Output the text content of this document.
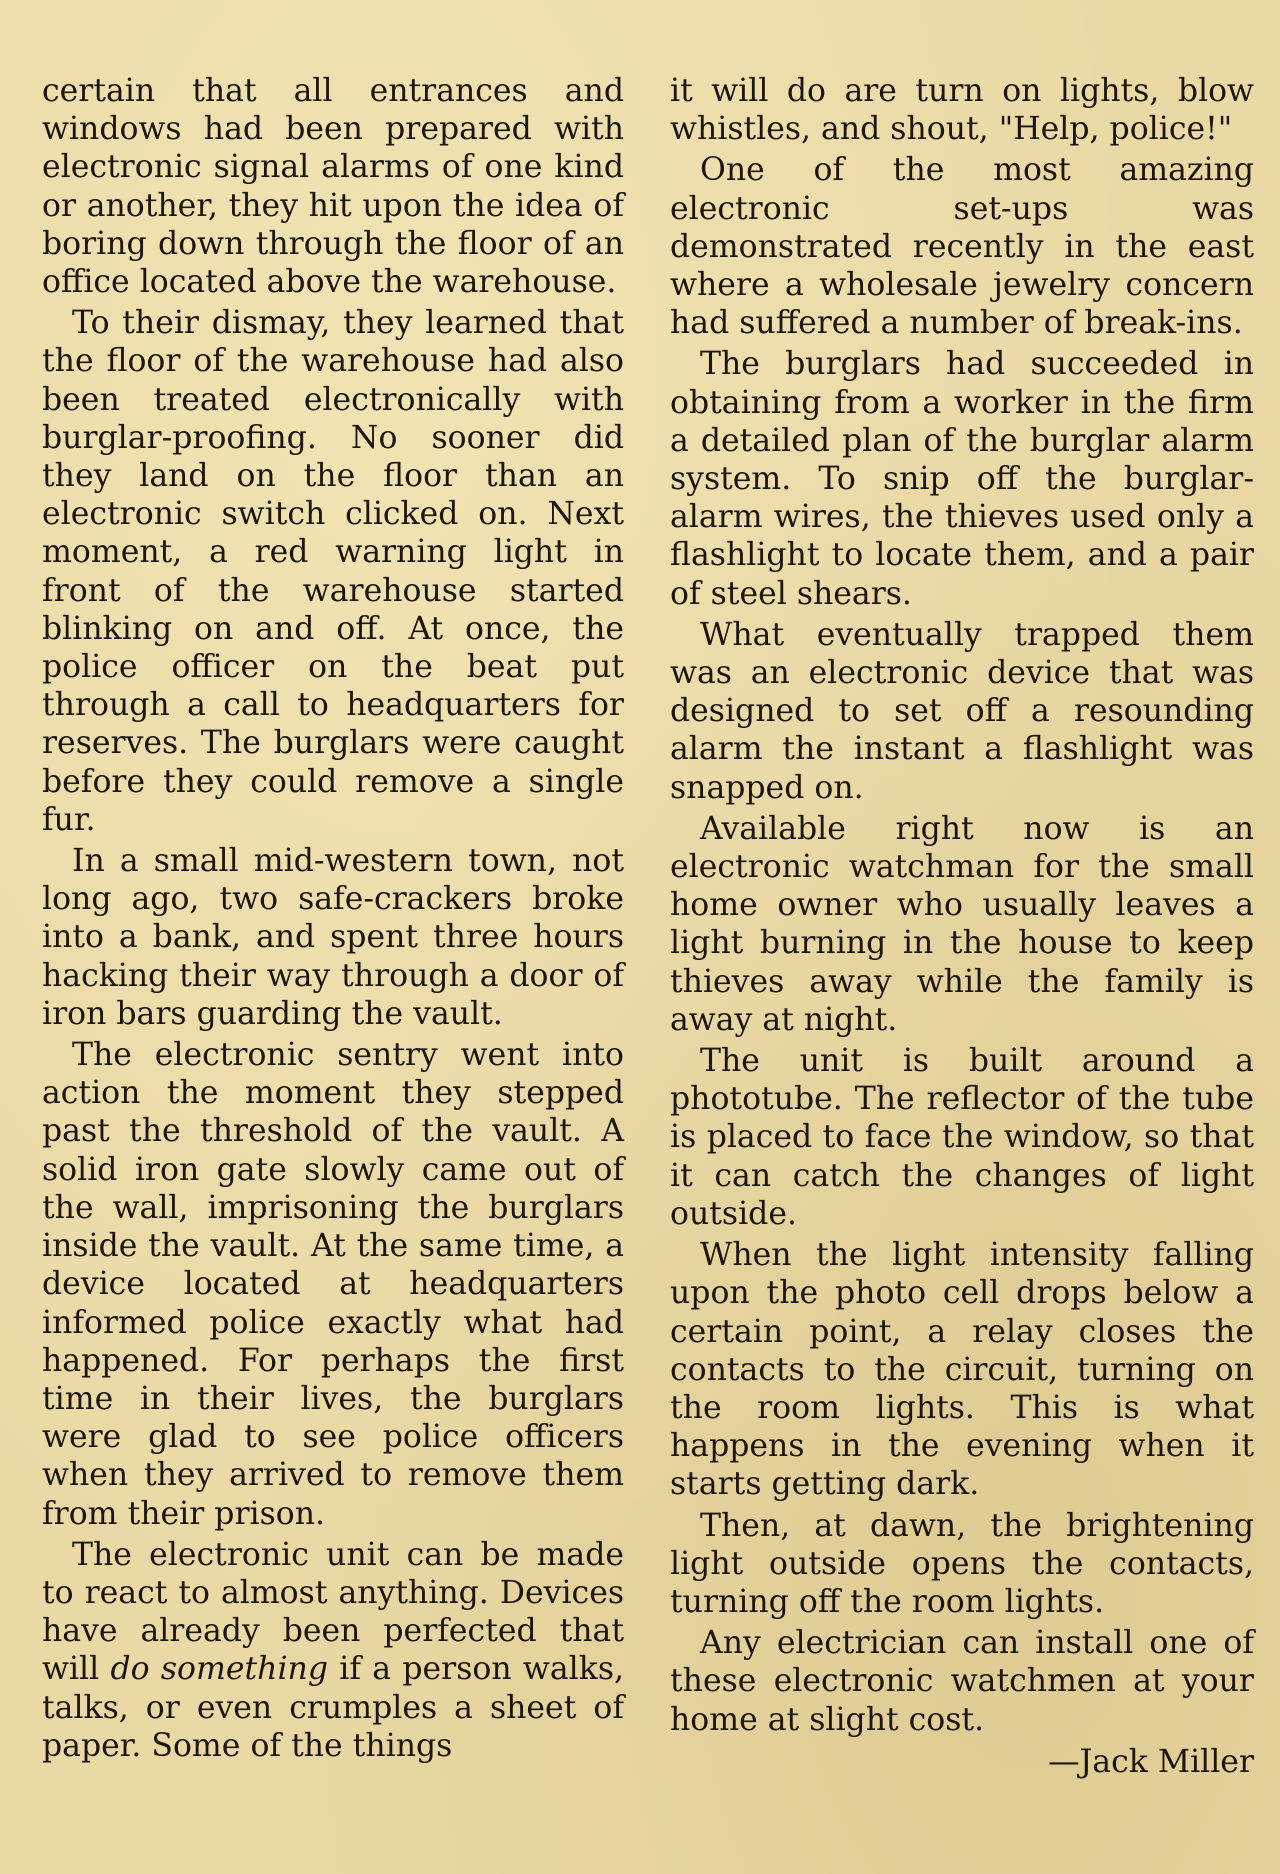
certain that all entrances and windows had been prepared with electronic signal alarms of one kind or another, they hit upon the idea of boring down through the floor of an office located above the warehouse.

To their dismay, they learned that the floor of the warehouse had also been treated electronically with burglar-proofing. No sooner did they land on the floor than an electronic switch clicked on. Next moment, a red warning light in front of the warehouse started blinking on and off. At once, the police officer on the beat put through a call to headquarters for reserves. The burglars were caught before they could remove a single fur.

In a small mid-western town, not long ago, two safe-crackers broke into a bank, and spent three hours hacking their way through a door of iron bars guarding the vault.

The electronic sentry went into action the moment they stepped past the threshold of the vault. A solid iron gate slowly came out of the wall, imprisoning the burglars inside the vault. At the same time, a device located at headquarters informed police exactly what had happened. For perhaps the first time in their lives, the burglars were glad to see police officers when they arrived to remove them from their prison.

The electronic unit can be made to react to almost anything. Devices have already been perfected that will do something if a person walks, talks, or even crumples a sheet of paper. Some of the things

it will do are turn on lights, blow whistles, and shout, "Help, police!"

One of the most amazing electronic set-ups was demonstrated recently in the east where a wholesale jewelry concern had suffered a number of break-ins.

The burglars had succeeded in obtaining from a worker in the firm a detailed plan of the burglar alarm system. To snip off the burglar-alarm wires, the thieves used only a flashlight to locate them, and a pair of steel shears.

What eventually trapped them was an electronic device that was designed to set off a resounding alarm the instant a flashlight was snapped on.

Available right now is an electronic watchman for the small home owner who usually leaves a light burning in the house to keep thieves away while the family is away at night.

The unit is built around a phototube. The reflector of the tube is placed to face the window, so that it can catch the changes of light outside.

When the light intensity falling upon the photo cell drops below a certain point, a relay closes the contacts to the circuit, turning on the room lights. This is what happens in the evening when it starts getting dark.

Then, at dawn, the brightening light outside opens the contacts, turning off the room lights.

Any electrician can install one of these electronic watchmen at your home at slight cost.

—Jack Miller
